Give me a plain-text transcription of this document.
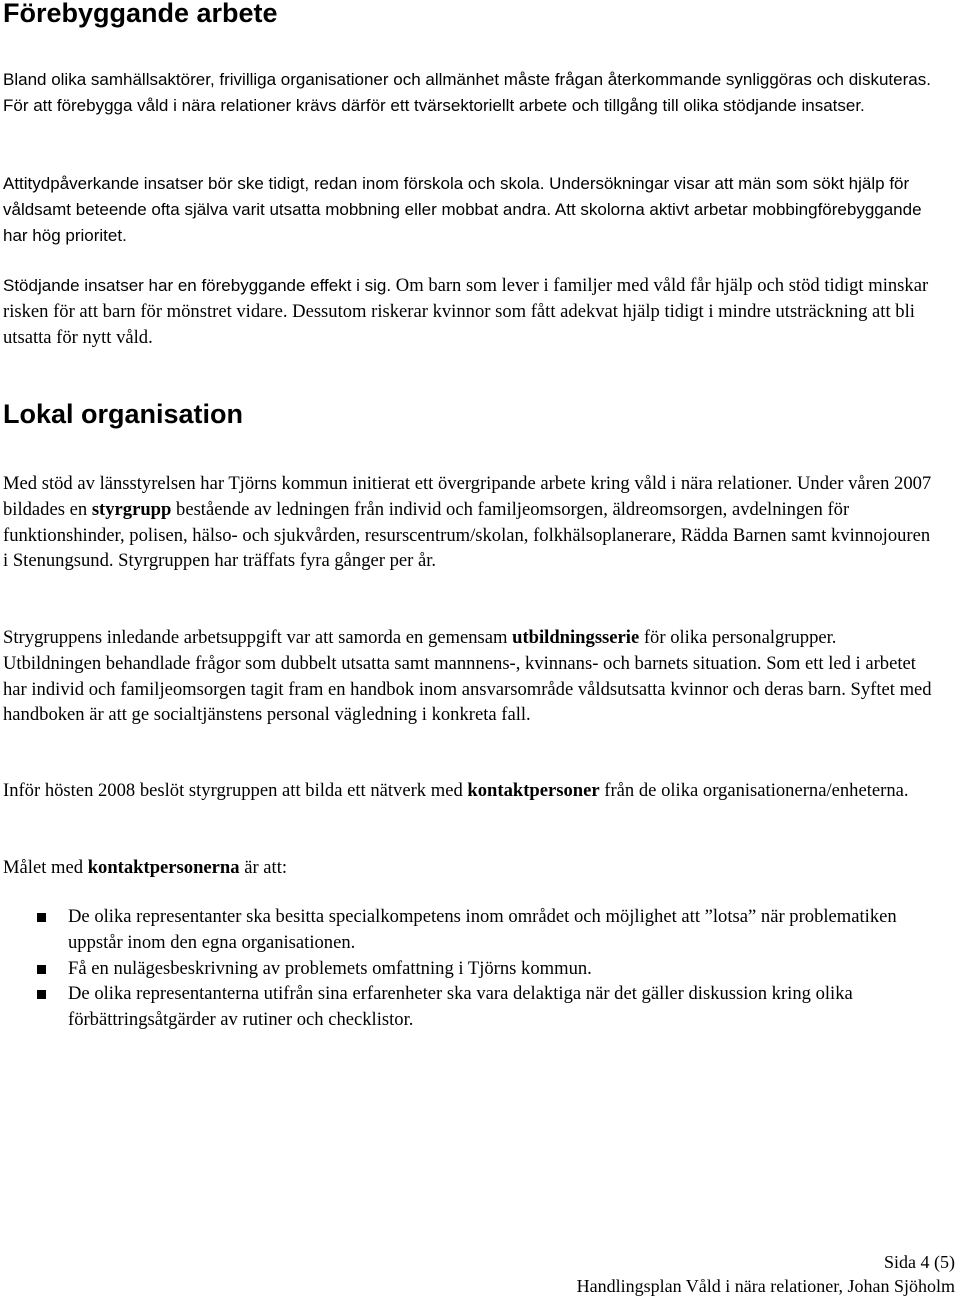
Förebyggande arbete

Bland olika samhällsaktörer, frivilliga organisationer och allmänhet måste frågan återkommande synliggöras och diskuteras. För att förebygga våld i nära relationer krävs därför ett tvärsektoriellt arbete och tillgång till olika stödjande insatser.

Attitydpåverkande insatser bör ske tidigt, redan inom förskola och skola. Undersökningar visar att män som sökt hjälp för våldsamt beteende ofta själva varit utsatta mobbning eller mobbat andra. Att skolorna aktivt arbetar mobbingförebyggande har hög prioritet.

Stödjande insatser har en förebyggande effekt i sig. Om barn som lever i familjer med våld får hjälp och stöd tidigt minskar risken för att barn för mönstret vidare. Dessutom riskerar kvinnor som fått adekvat hjälp tidigt i mindre utsträckning att bli utsatta för nytt våld.

Lokal organisation

Med stöd av länsstyrelsen har Tjörns kommun initierat ett övergripande arbete kring våld i nära relationer. Under våren 2007 bildades en styrgrupp bestående av ledningen från individ och familjeomsorgen, äldreomsorgen, avdelningen för funktionshinder, polisen, hälso- och sjukvården, resurscentrum/skolan, folkhälsoplanerare, Rädda Barnen samt kvinnojouren i Stenungsund. Styrgruppen har träffats fyra gånger per år.

Strygruppens inledande arbetsuppgift var att samorda en gemensam utbildningsserie för olika personalgrupper. Utbildningen behandlade frågor som dubbelt utsatta samt mannnens-, kvinnans- och barnets situation. Som ett led i arbetet har individ och familjeomsorgen tagit fram en handbok inom ansvarsområde våldsutsatta kvinnor och deras barn. Syftet med handboken är att ge socialtjänstens personal vägledning i konkreta fall.

Inför hösten 2008 beslöt styrgruppen att bilda ett nätverk med kontaktpersoner från de olika organisationerna/enheterna.

Målet med kontaktpersonerna är att:

De olika representanter ska besitta specialkompetens inom området och möjlighet att ”lotsa” när problematiken uppstår inom den egna organisationen.
Få en nulägesbeskrivning av problemets omfattning i Tjörns kommun.
De olika representanterna utifrån sina erfarenheter ska vara delaktiga när det gäller diskussion kring olika förbättringsåtgärder av rutiner och checklistor.

Sida 4 (5)

Handlingsplan Våld i nära relationer, Johan Sjöholm
